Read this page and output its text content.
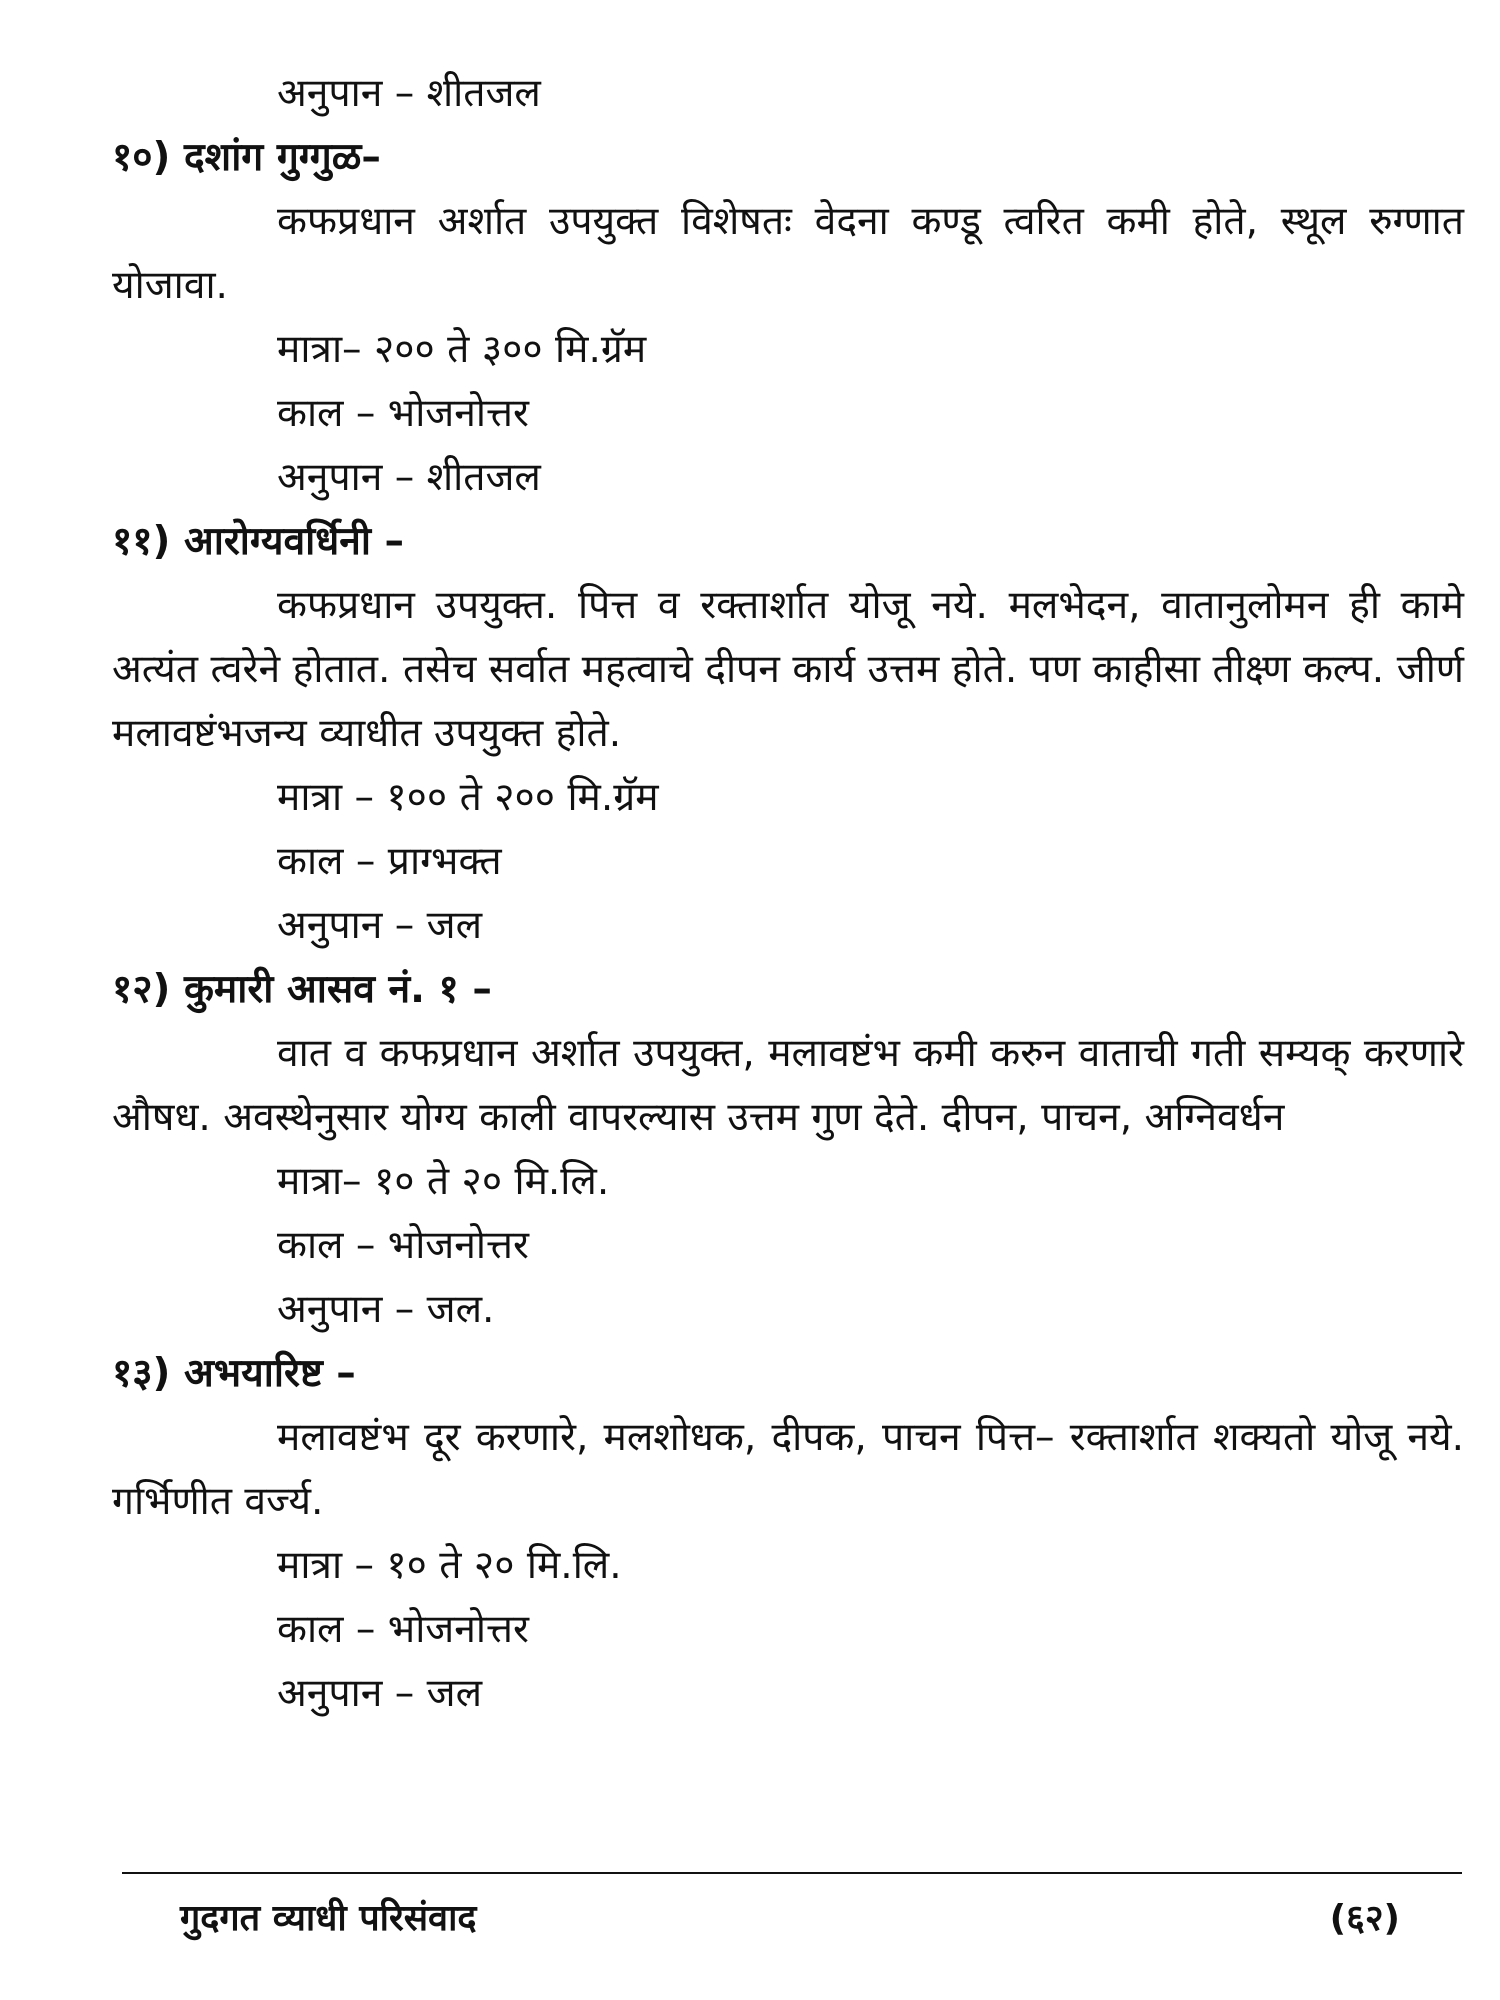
अनुपान – शीतजल

१०) दशांग गुग्गुळ–

कफप्रधान अर्शात उपयुक्त विशेषतः वेदना कण्डू त्वरित कमी होते, स्थूल रुग्णात योजावा.

मात्रा– २०० ते ३०० मि.ग्रॅम

काल – भोजनोत्तर

अनुपान – शीतजल

११) आरोग्यवर्धिनी –

कफप्रधान उपयुक्त. पित्त व रक्तार्शात योजू नये. मलभेदन, वातानुलोमन ही कामे अत्यंत त्वरेने होतात. तसेच सर्वात महत्वाचे दीपन कार्य उत्तम होते. पण काहीसा तीक्ष्ण कल्प. जीर्ण मलावष्टंभजन्य व्याधीत उपयुक्त होते.

मात्रा – १०० ते २०० मि.ग्रॅम

काल – प्राग्भक्त

अनुपान – जल

१२) कुमारी आसव नं. १ –

वात व कफप्रधान अर्शात उपयुक्त, मलावष्टंभ कमी करुन वाताची गती सम्यक् करणारे औषध. अवस्थेनुसार योग्य काली वापरल्यास उत्तम गुण देते. दीपन, पाचन, अग्निवर्धन

मात्रा– १० ते २० मि.लि.

काल – भोजनोत्तर

अनुपान – जल.

१३) अभयारिष्ट –

मलावष्टंभ दूर करणारे, मलशोधक, दीपक, पाचन पित्त– रक्तार्शात शक्यतो योजू नये. गर्भिणीत वर्ज्य.

मात्रा – १० ते २० मि.लि.

काल – भोजनोत्तर

अनुपान – जल

गुदगत व्याधी परिसंवाद	(६२)
